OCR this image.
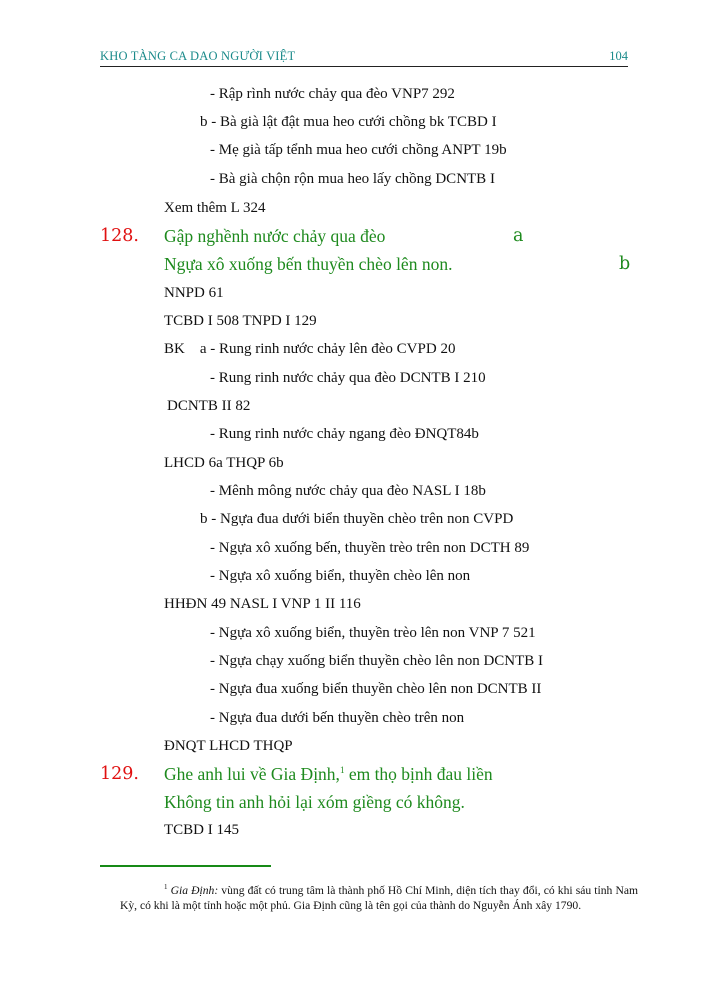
KHO TÀNG CA DAO NGƯỜI VIỆT	104
- Rập rình nước chảy qua đèo VNP7 292
b - Bà già lật đật mua heo cưới chồng bk TCBD I
- Mẹ già tấp tểnh mua heo cưới chồng ANPT 19b
- Bà già chộn rộn mua heo lấy chồng DCNTB I
Xem thêm L 324
128. Gập nghềnh nước chảy qua đèo	a
Ngựa xô xuống bến thuyền chèo lên non.	b
NNPD 61
TCBD I 508 TNPD I 129
BK    a - Rung rinh nước chảy lên đèo CVPD 20
- Rung rinh nước chảy qua đèo DCNTB I 210
DCNTB II 82
- Rung rinh nước chảy ngang đèo ĐNQT84b
LHCD 6a THQP 6b
- Mênh mông nước chảy qua đèo NASL I 18b
b - Ngựa đua dưới biển thuyền chèo trên non CVPD
- Ngựa xô xuống bến, thuyền trèo trên non DCTH 89
- Ngựa xô xuống biển, thuyền chèo lên non
HHĐN 49 NASL I VNP 1 II 116
- Ngựa xô xuống biển, thuyền trèo lên non VNP 7 521
- Ngựa chạy xuống biển thuyền chèo lên non DCNTB I
- Ngựa đua xuống biển thuyền chèo lên non DCNTB II
- Ngựa đua dưới bến thuyền chèo trên non
ĐNQT LHCD THQP
129. Ghe anh lui về Gia Định,$^1$ em thọ bịnh đau liền
Không tin anh hỏi lại xóm giềng có không.
TCBD I 145
$^1$ Gia Định: vùng đất có trung tâm là thành phố Hồ Chí Minh, diện tích thay đổi, có khi sáu tỉnh Nam Kỳ, có khi là một tỉnh hoặc một phủ. Gia Định cũng là tên gọi của thành do Nguyễn Ánh xây 1790.
